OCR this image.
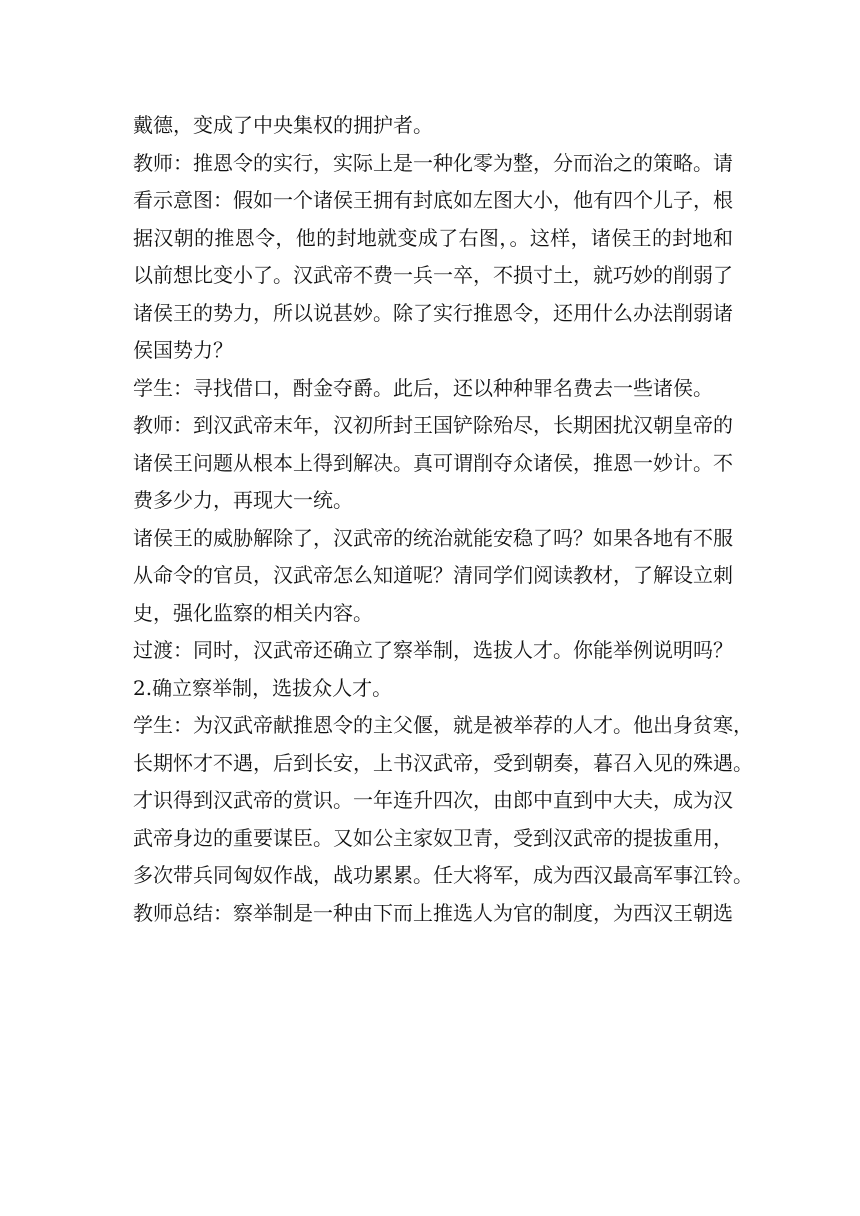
戴德，变成了中央集权的拥护者。
教师：推恩令的实行，实际上是一种化零为整，分而治之的策略。请
看示意图：假如一个诸侯王拥有封底如左图大小，他有四个儿子，根
据汉朝的推恩令，他的封地就变成了右图，。这样，诸侯王的封地和
以前想比变小了。汉武帝不费一兵一卒，不损寸土，就巧妙的削弱了
诸侯王的势力，所以说甚妙。除了实行推恩令，还用什么办法削弱诸
侯国势力？
学生：寻找借口，酎金夺爵。此后，还以种种罪名费去一些诸侯。
教师：到汉武帝末年，汉初所封王国铲除殆尽，长期困扰汉朝皇帝的
诸侯王问题从根本上得到解决。真可谓削夺众诸侯，推恩一妙计。不
费多少力，再现大一统。
诸侯王的威胁解除了，汉武帝的统治就能安稳了吗？如果各地有不服
从命令的官员，汉武帝怎么知道呢？清同学们阅读教材，了解设立刺
史，强化监察的相关内容。
过渡：同时，汉武帝还确立了察举制，选拔人才。你能举例说明吗？
2.确立察举制，选拔众人才。
学生：为汉武帝献推恩令的主父偃，就是被举荐的人才。他出身贫寒，
长期怀才不遇，后到长安，上书汉武帝，受到朝奏，暮召入见的殊遇。
才识得到汉武帝的赏识。一年连升四次，由郎中直到中大夫，成为汉
武帝身边的重要谋臣。又如公主家奴卫青，受到汉武帝的提拔重用，
多次带兵同匈奴作战，战功累累。任大将军，成为西汉最高军事江铃。
教师总结：察举制是一种由下而上推选人为官的制度，为西汉王朝选
